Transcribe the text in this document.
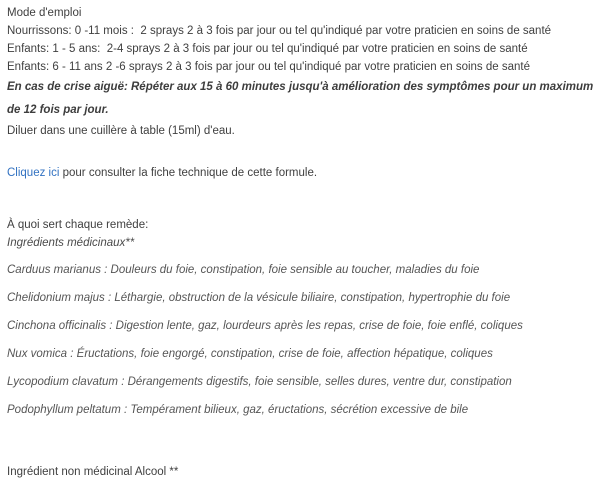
Mode d'emploi
Nourrissons: 0 -11 mois :  2 sprays 2 à 3 fois par jour ou tel qu'indiqué par votre praticien en soins de santé
Enfants: 1 - 5 ans:  2-4 sprays 2 à 3 fois par jour ou tel qu'indiqué par votre praticien en soins de santé
Enfants: 6 - 11 ans 2 -6 sprays 2 à 3 fois par jour ou tel qu'indiqué par votre praticien en soins de santé
En cas de crise aiguë: Répéter aux 15 à 60 minutes jusqu'à amélioration des symptômes pour un maximum de 12 fois par jour.
Diluer dans une cuillère à table (15ml) d'eau.
Cliquez ici pour consulter la fiche technique de cette formule.
À quoi sert chaque remède:
Ingrédients médicinaux**

Carduus marianus : Douleurs du foie, constipation, foie sensible au toucher, maladies du foie

Chelidonium majus : Léthargie, obstruction de la vésicule biliaire, constipation, hypertrophie du foie

Cinchona officinalis : Digestion lente, gaz, lourdeurs après les repas, crise de foie, foie enflé, coliques

Nux vomica : Éructations, foie engorgé, constipation, crise de foie, affection hépatique, coliques

Lycopodium clavatum : Dérangements digestifs, foie sensible, selles dures, ventre dur, constipation

Podophyllum peltatum : Tempérament bilieux, gaz, éructations, sécrétion excessive de bile

Ingrédient non médicinal Alcool **
